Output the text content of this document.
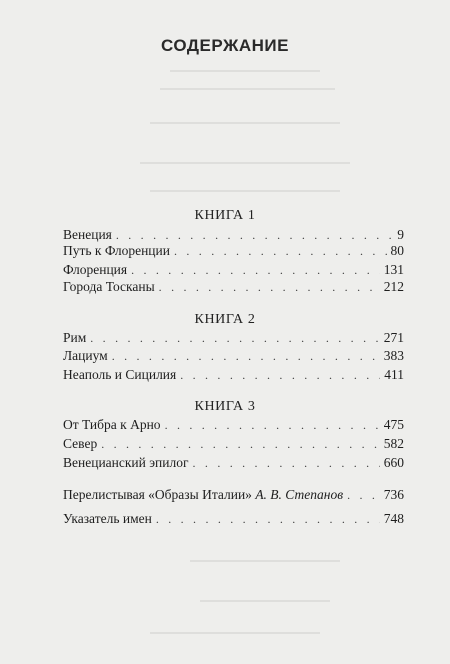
СОДЕРЖАНИЕ
КНИГА 1
Венеция . . .	9
Путь к Флоренции . . .	80
Флоренция . . .	131
Города Тосканы . . .	212
КНИГА 2
Рим . . .	271
Лациум . . .	383
Неаполь и Сицилия . . .	411
КНИГА 3
От Тибра к Арно . . .	475
Север . . .	582
Венецианский эпилог . . .	660
Перелистывая «Образы Италии» А. В. Степанов . . .	736
Указатель имен . . .	748
